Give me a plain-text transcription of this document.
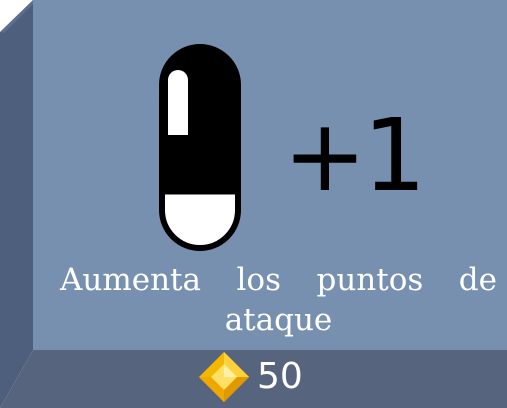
+1

Aumenta los puntos de ataque

50
